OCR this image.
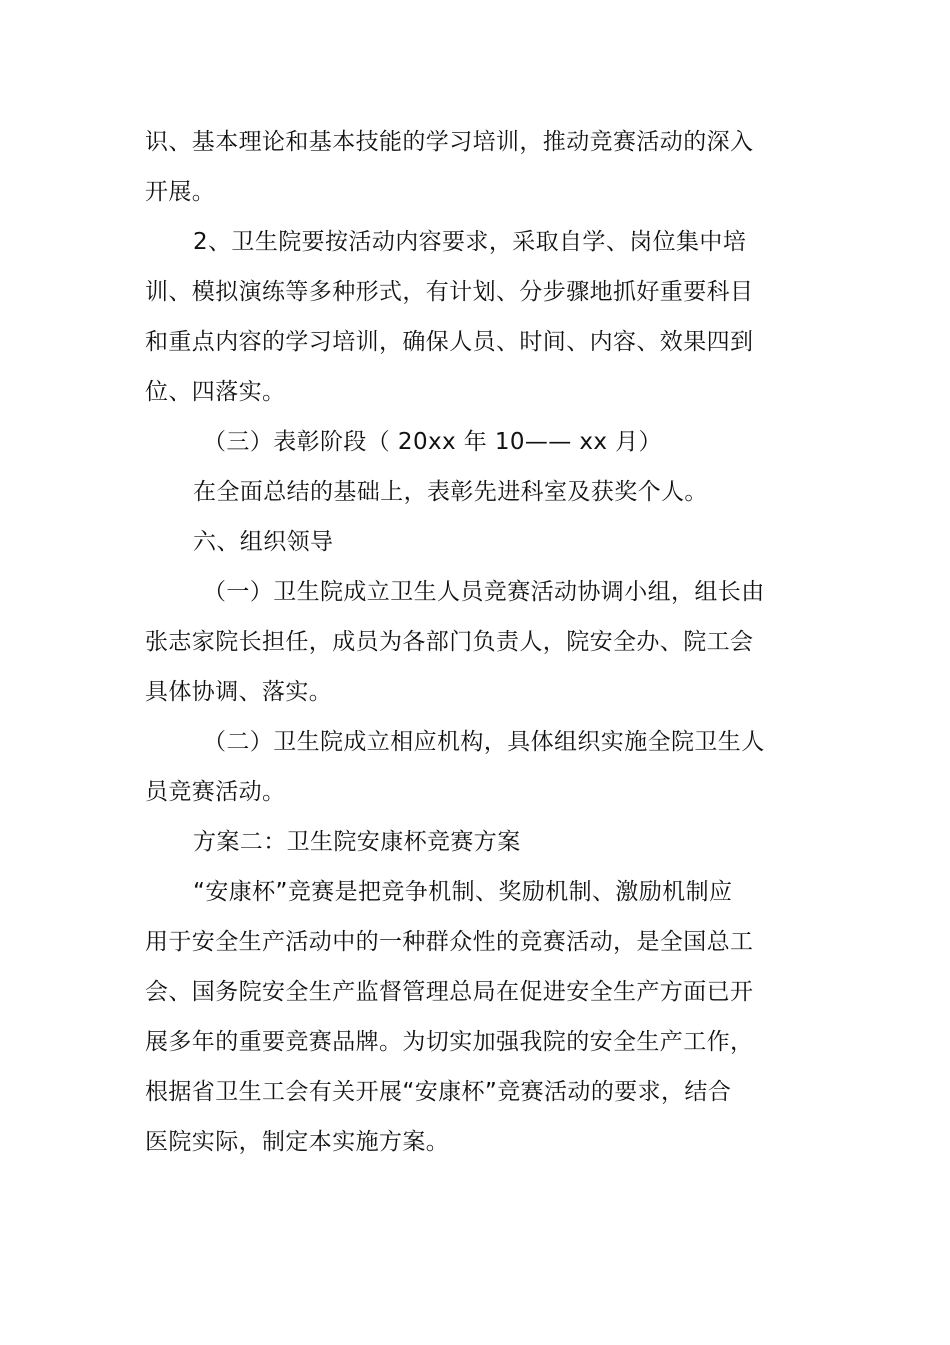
识、基本理论和基本技能的学习培训，推动竞赛活动的深入
开展。
2、卫生院要按活动内容要求，采取自学、岗位集中培
训、模拟演练等多种形式，有计划、分步骤地抓好重要科目
和重点内容的学习培训，确保人员、时间、内容、效果四到
位、四落实。
（三）表彰阶段（ 20xx 年 10—— xx 月）
在全面总结的基础上，表彰先进科室及获奖个人。
六、组织领导
（一）卫生院成立卫生人员竞赛活动协调小组，组长由
张志家院长担任，成员为各部门负责人，院安全办、院工会
具体协调、落实。
（二）卫生院成立相应机构，具体组织实施全院卫生人
员竞赛活动。
方案二：卫生院安康杯竞赛方案
“安康杯”竞赛是把竞争机制、奖励机制、激励机制应
用于安全生产活动中的一种群众性的竞赛活动，是全国总工
会、国务院安全生产监督管理总局在促进安全生产方面已开
展多年的重要竞赛品牌。为切实加强我院的安全生产工作，
根据省卫生工会有关开展“安康杯”竞赛活动的要求，结合
医院实际，制定本实施方案。
